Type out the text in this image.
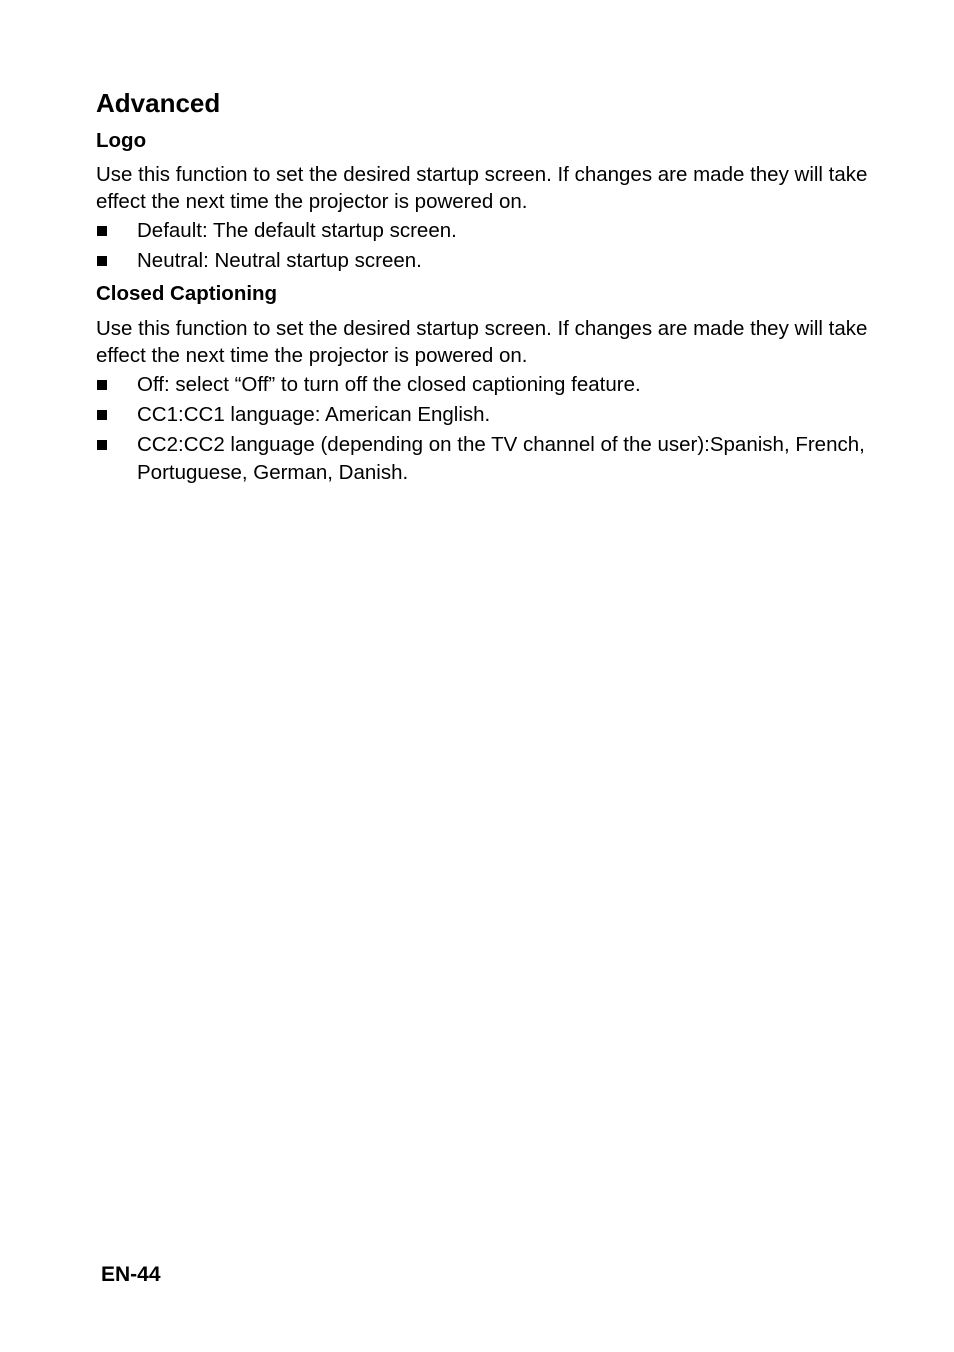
Advanced
Logo

Use this function to set the desired startup screen. If changes are made they will take effect the next time the projector is powered on.

Default: The default startup screen.
Neutral: Neutral startup screen.
Closed Captioning

Use this function to set the desired startup screen. If changes are made they will take effect the next time the projector is powered on.

Off: select “Off” to turn off the closed captioning feature.
CC1:CC1 language: American English.
CC2:CC2 language (depending on the TV channel of the user):Spanish, French, Portuguese, German, Danish.
EN-44
